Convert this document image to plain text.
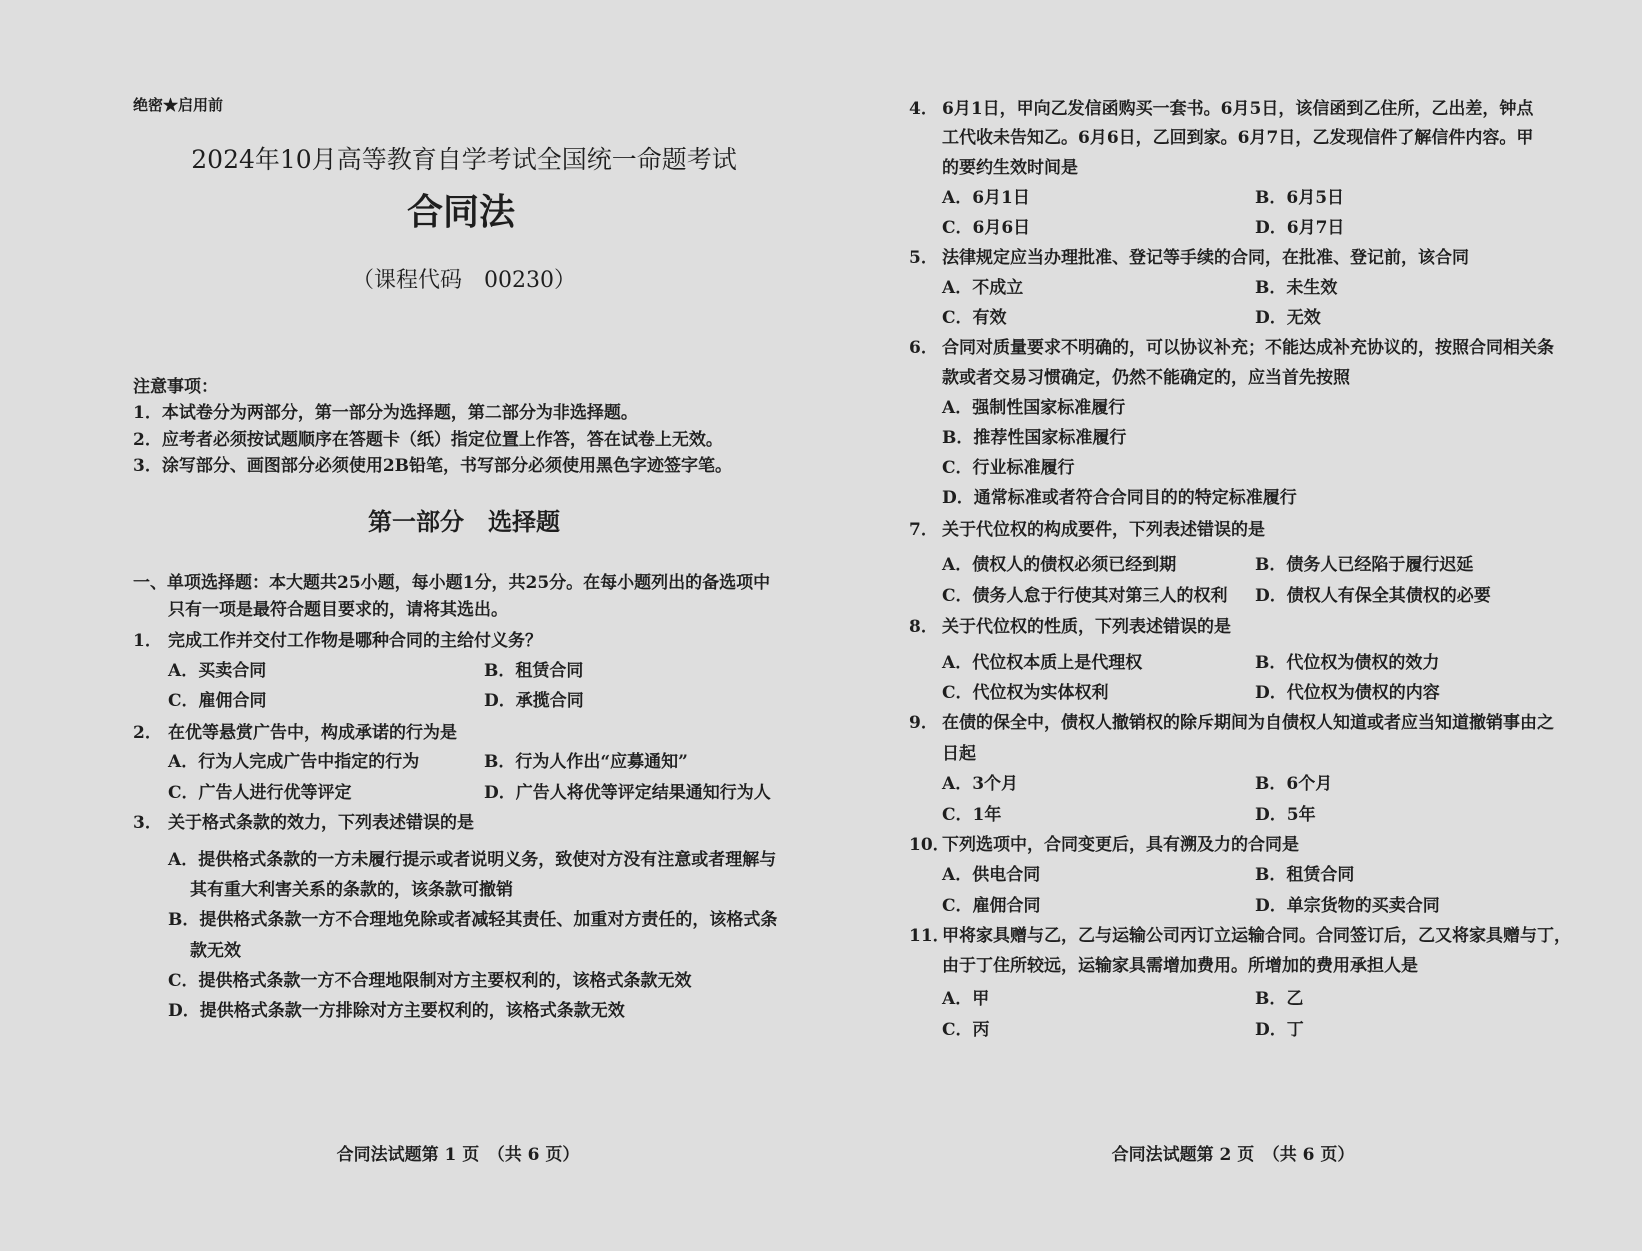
绝密★启用前
2024年10月高等教育自学考试全国统一命题考试
合同法
（课程代码　00230）
注意事项：
第一部分　选择题
合同法试题第 1 页　（共 6 页）	合同法试题第 2 页　（共 6 页）
1．本试卷分为两部分，第一部分为选择题，第二部分为非选择题。
2．应考者必须按试题顺序在答题卡（纸）指定位置上作答，答在试卷上无效。
3．涂写部分、画图部分必须使用2B铅笔，书写部分必须使用黑色字迹签字笔。
一、单项选择题：本大题共25小题，每小题1分，共25分。在每小题列出的备选项中
只有一项是最符合题目要求的，请将其选出。
1． 完成工作并交付工作物是哪种合同的主给付义务？
A．买卖合同	B．租赁合同
C．雇佣合同	D．承揽合同
2． 在优等悬赏广告中，构成承诺的行为是
A．行为人完成广告中指定的行为	B．行为人作出“应募通知”
C．广告人进行优等评定	D．广告人将优等评定结果通知行为人
3． 关于格式条款的效力，下列表述错误的是
A．提供格式条款的一方未履行提示或者说明义务，致使对方没有注意或者理解与
其有重大利害关系的条款的，该条款可撤销
B．提供格式条款一方不合理地免除或者减轻其责任、加重对方责任的，该格式条
款无效
C．提供格式条款一方不合理地限制对方主要权利的，该格式条款无效
D．提供格式条款一方排除对方主要权利的，该格式条款无效
4． 6月1日，甲向乙发信函购买一套书。6月5日，该信函到乙住所，乙出差，钟点
工代收未告知乙。6月6日，乙回到家。6月7日，乙发现信件了解信件内容。甲
的要约生效时间是
A．6月1日	B．6月5日
C．6月6日	D．6月7日
5． 法律规定应当办理批准、登记等手续的合同，在批准、登记前，该合同
A．不成立	B．未生效
C．有效	D．无效
6． 合同对质量要求不明确的，可以协议补充；不能达成补充协议的，按照合同相关条
款或者交易习惯确定，仍然不能确定的，应当首先按照
A．强制性国家标准履行
B．推荐性国家标准履行
C．行业标准履行
D．通常标准或者符合合同目的的特定标准履行
7． 关于代位权的构成要件，下列表述错误的是
A．债权人的债权必须已经到期	B．债务人已经陷于履行迟延
C．债务人怠于行使其对第三人的权利 D．债权人有保全其债权的必要
8． 关于代位权的性质，下列表述错误的是
A．代位权本质上是代理权	B．代位权为债权的效力
C．代位权为实体权利	D．代位权为债权的内容
9． 在债的保全中，债权人撤销权的除斥期间为自债权人知道或者应当知道撤销事由之
日起
A．3个月	B．6个月
C．1年	D．5年
10．
下列选项中，合同变更后，具有溯及力的合同是
A．供电合同	B．租赁合同
C．雇佣合同	D．单宗货物的买卖合同
11．
甲将家具赠与乙，乙与运输公司丙订立运输合同。合同签订后，乙又将家具赠与丁，
由于丁住所较远，运输家具需增加费用。所增加的费用承担人是
A．甲	B．乙
C．丙	D．丁
